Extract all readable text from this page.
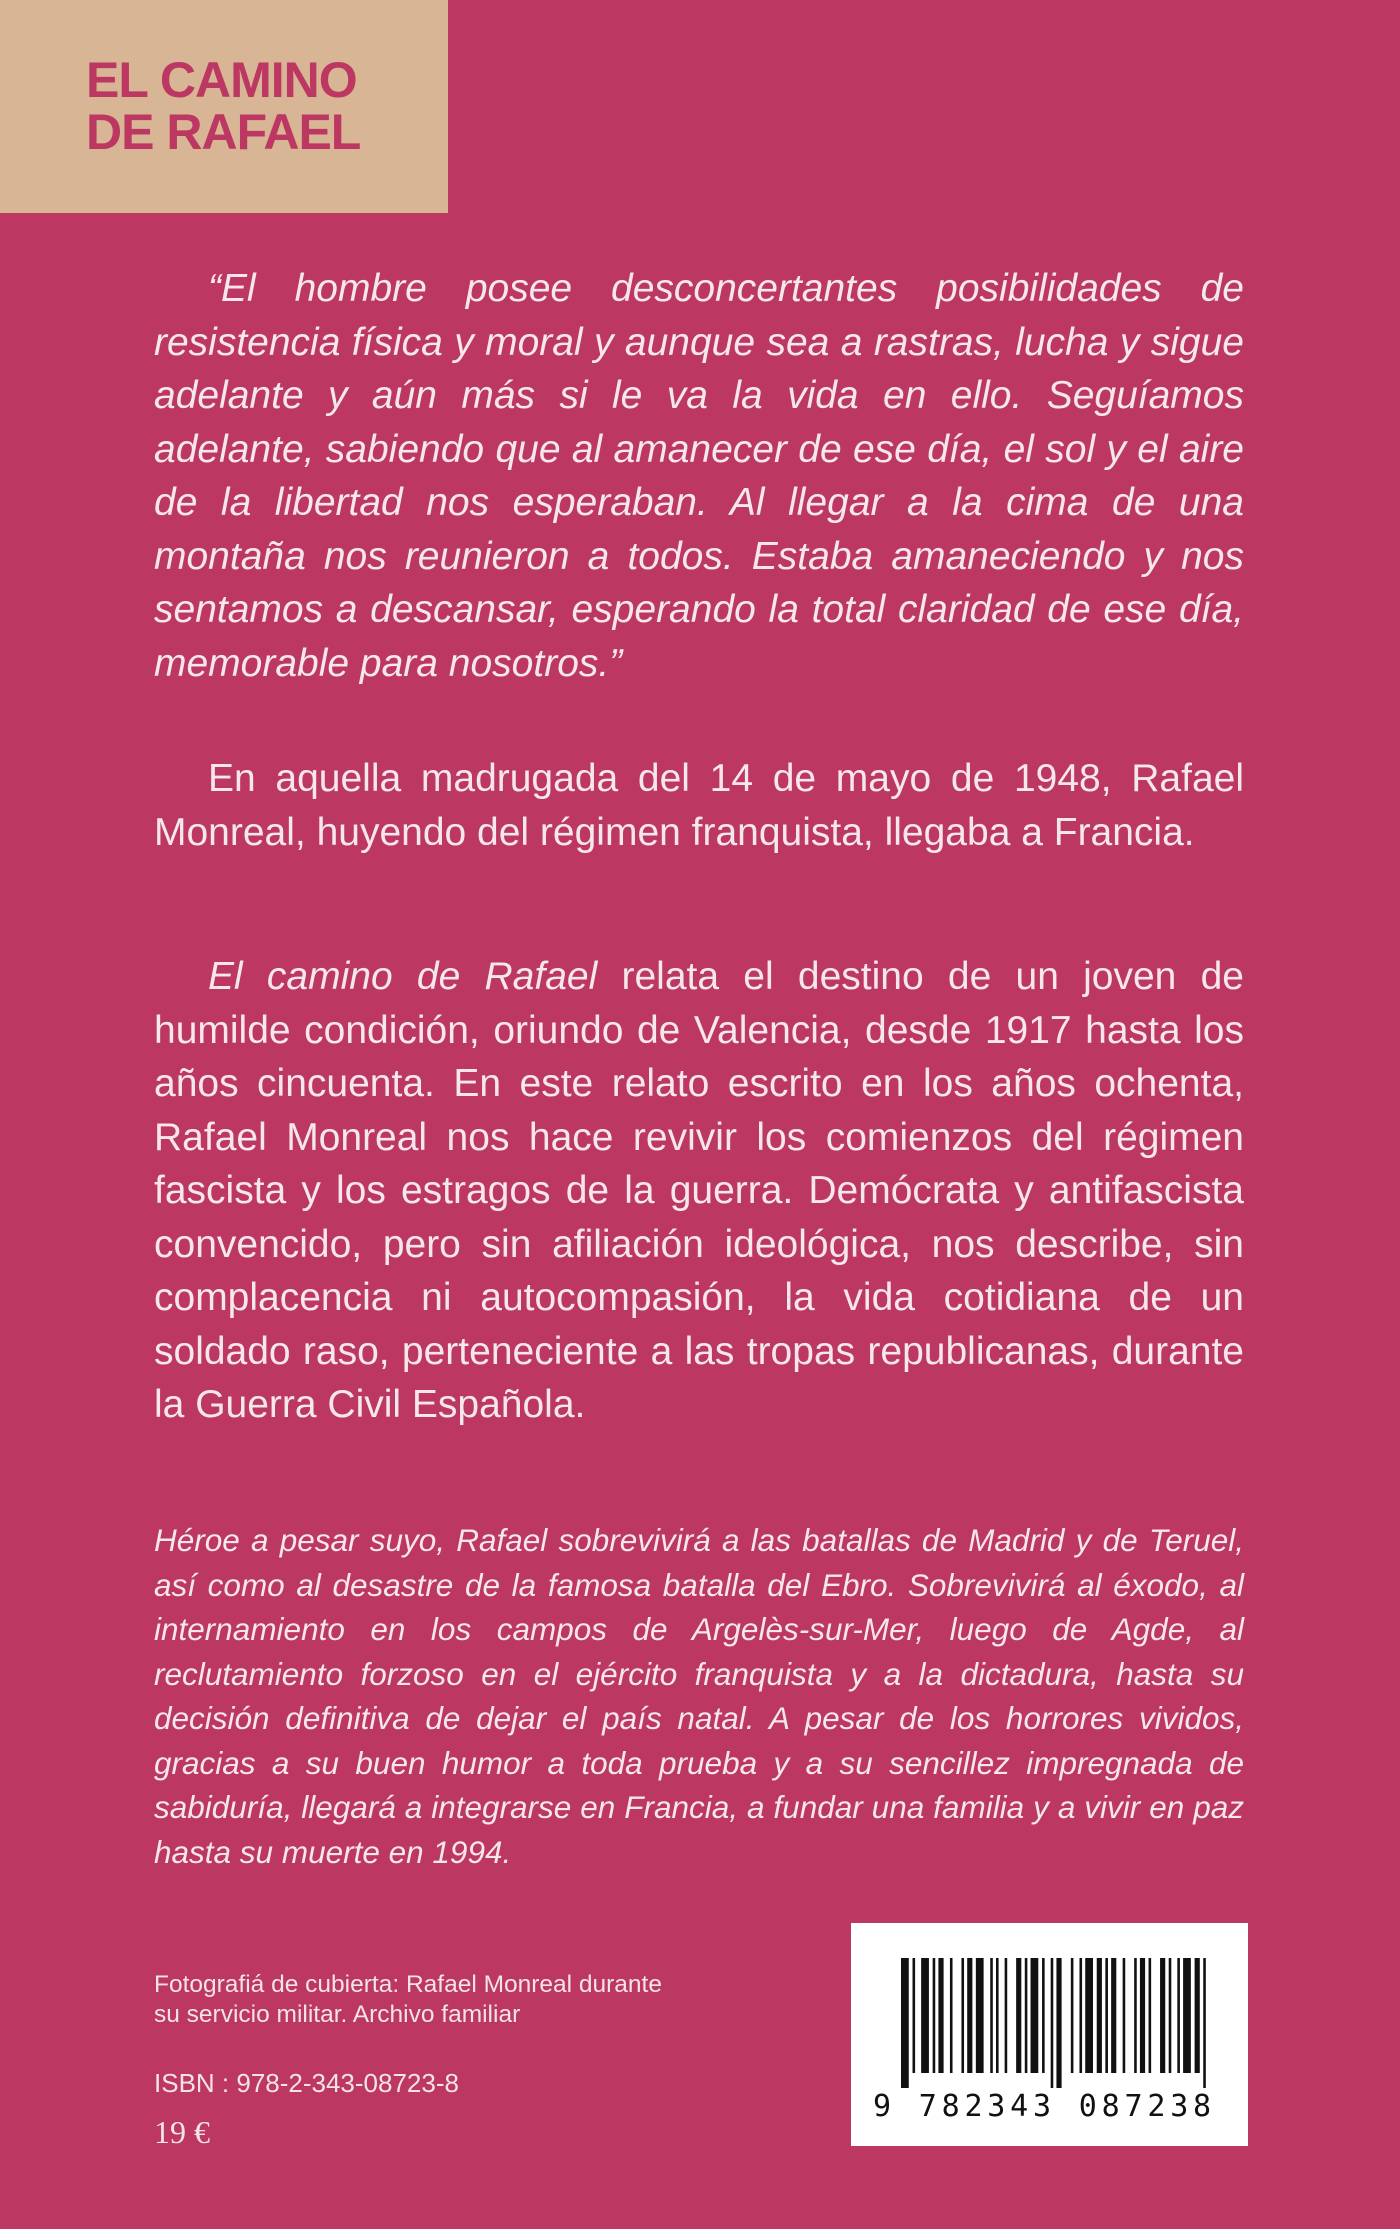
EL CAMINO
DE RAFAEL

“El hombre posee desconcertantes posibilidades de resistencia física y moral y aunque sea a rastras, lucha y sigue adelante y aún más si le va la vida en ello. Seguíamos adelante, sabiendo que al amanecer de ese día, el sol y el aire de la libertad nos esperaban. Al llegar a la cima de una montaña nos reunieron a todos. Estaba amaneciendo y nos sentamos a descansar, esperando la total claridad de ese día, memorable para nosotros.”

En aquella madrugada del 14 de mayo de 1948, Rafael Monreal, huyendo del régimen franquista, llegaba a Francia.

El camino de Rafael relata el destino de un joven de humilde condición, oriundo de Valencia, desde 1917 hasta los años cincuenta. En este relato escrito en los años ochenta, Rafael Monreal nos hace revivir los comienzos del régimen fascista y los estragos de la guerra. Demócrata y antifascista convencido, pero sin afiliación ideológica, nos describe, sin complacencia ni autocompasión, la vida cotidiana de un soldado raso, perteneciente a las tropas republicanas, durante la Guerra Civil Española.

Héroe a pesar suyo, Rafael sobrevivirá a las batallas de Madrid y de Teruel, así como al desastre de la famosa batalla del Ebro. Sobrevivirá al éxodo, al internamiento en los campos de Argelès-sur-Mer, luego de Agde, al reclutamiento forzoso en el ejército franquista y a la dictadura, hasta su decisión definitiva de dejar el país natal. A pesar de los horrores vividos, gracias a su buen humor a toda prueba y a su sencillez impregnada de sabiduría, llegará a integrarse en Francia, a fundar una familia y a vivir en paz hasta su muerte en 1994.

Fotografiá de cubierta: Rafael Monreal durante
su servicio militar. Archivo familiar
ISBN : 978-2-343-08723-8
19 €
9 782343 087238
